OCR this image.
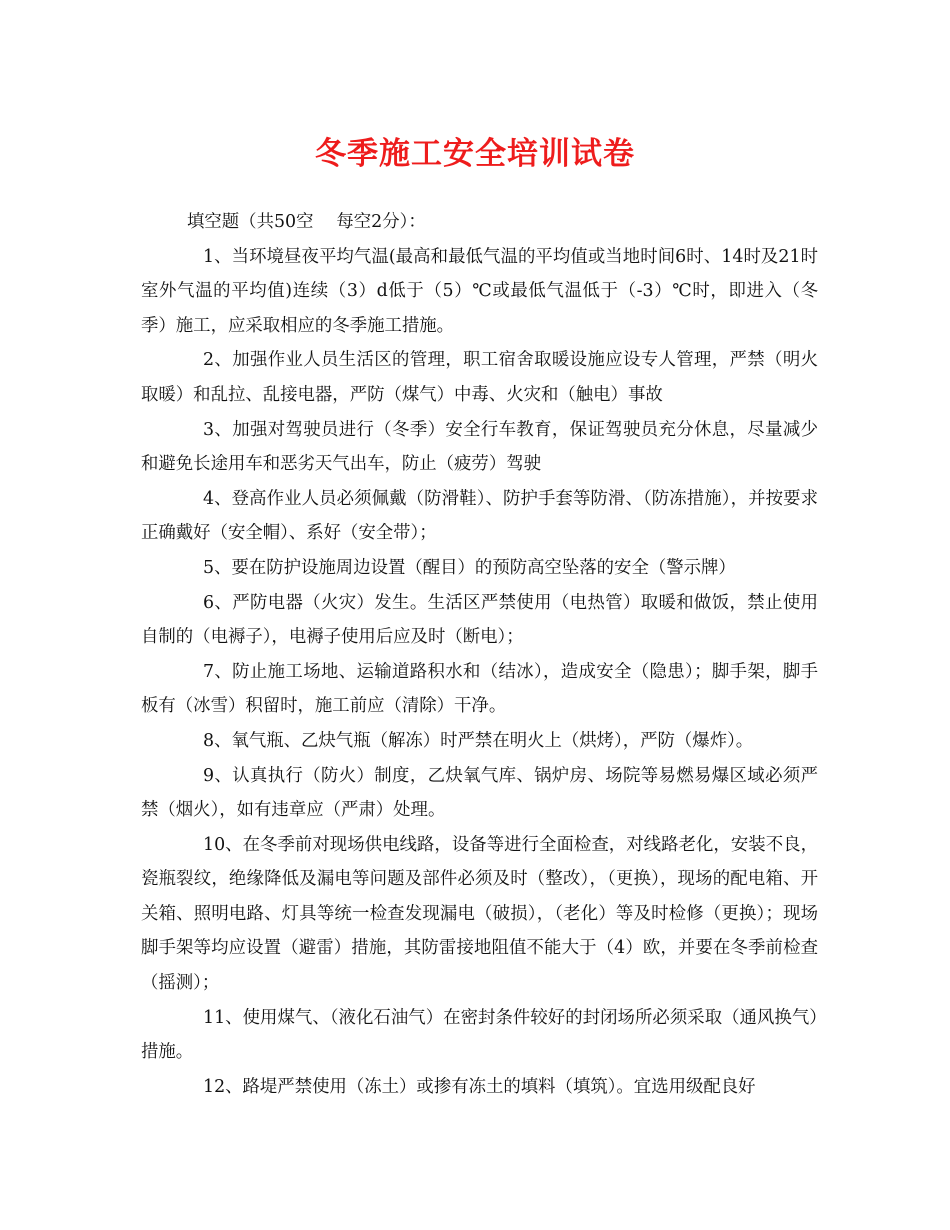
冬季施工安全培训试卷

填空题（共50空　 每空2分）：

1、当环境昼夜平均气温(最高和最低气温的平均值或当地时间6时、14时及21时室外气温的平均值)连续（3）d低于（5）℃或最低气温低于（-3）℃时，即进入（冬季）施工，应采取相应的冬季施工措施。

2、加强作业人员生活区的管理，职工宿舍取暖设施应设专人管理，严禁（明火取暖）和乱拉、乱接电器，严防（煤气）中毒、火灾和（触电）事故

3、加强对驾驶员进行（冬季）安全行车教育，保证驾驶员充分休息，尽量减少和避免长途用车和恶劣天气出车，防止（疲劳）驾驶

4、登高作业人员必须佩戴（防滑鞋）、防护手套等防滑、（防冻措施），并按要求正确戴好（安全帽）、系好（安全带）；

5、要在防护设施周边设置（醒目）的预防高空坠落的安全（警示牌）

6、严防电器（火灾）发生。生活区严禁使用（电热管）取暖和做饭，禁止使用自制的（电褥子），电褥子使用后应及时（断电）；

7、防止施工场地、运输道路积水和（结冰），造成安全（隐患）；脚手架，脚手板有（冰雪）积留时，施工前应（清除）干净。

8、氧气瓶、乙炔气瓶（解冻）时严禁在明火上（烘烤），严防（爆炸）。

9、认真执行（防火）制度，乙炔氧气库、锅炉房、场院等易燃易爆区域必须严禁（烟火），如有违章应（严肃）处理。

10、在冬季前对现场供电线路，设备等进行全面检查，对线路老化，安装不良，瓷瓶裂纹，绝缘降低及漏电等问题及部件必须及时（整改），（更换），现场的配电箱、开关箱、照明电路、灯具等统一检查发现漏电（破损），（老化）等及时检修（更换）；现场脚手架等均应设置（避雷）措施，其防雷接地阻值不能大于（4）欧，并要在冬季前检查（摇测）；

11、使用煤气、（液化石油气）在密封条件较好的封闭场所必须采取（通风换气）措施。

12、路堤严禁使用（冻土）或掺有冻土的填料（填筑）。宜选用级配良好
